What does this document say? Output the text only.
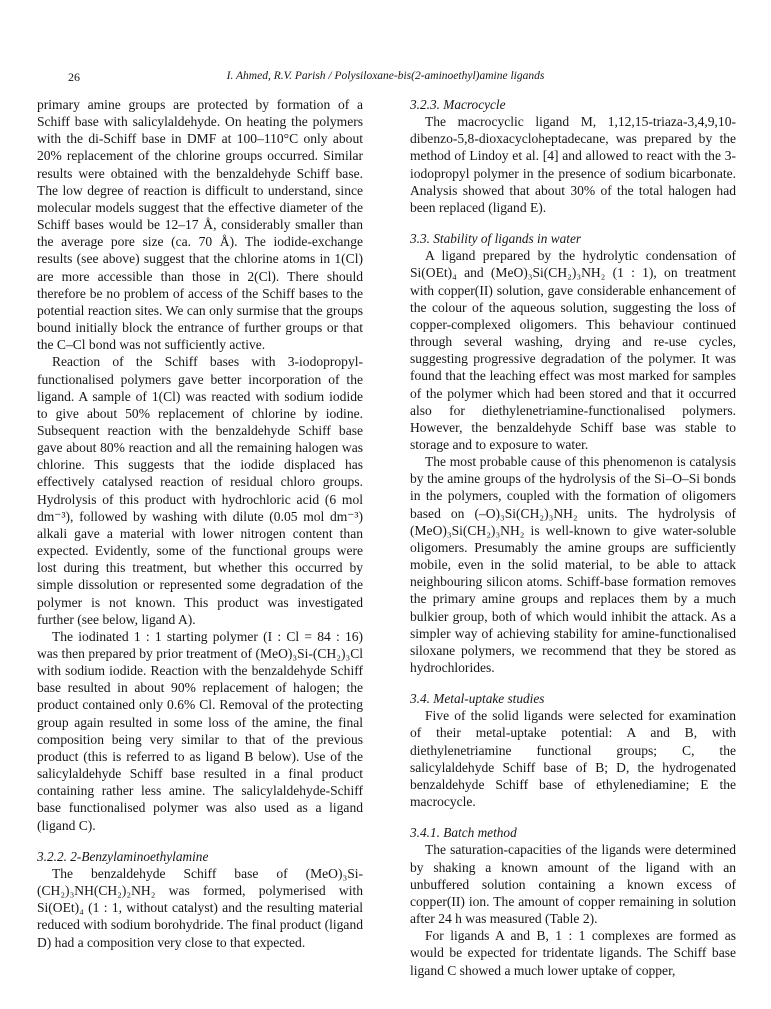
26	I. Ahmed, R.V. Parish / Polysiloxane-bis(2-aminoethyl)amine ligands

primary amine groups are protected by formation of a Schiff base with salicylaldehyde. On heating the polymers with the di-Schiff base in DMF at 100–110°C only about 20% replacement of the chlorine groups occurred. Similar results were obtained with the benzaldehyde Schiff base. The low degree of reaction is difficult to understand, since molecular models suggest that the effective diameter of the Schiff bases would be 12–17 Å, considerably smaller than the average pore size (ca. 70 Å). The iodide-exchange results (see above) suggest that the chlorine atoms in 1(Cl) are more accessible than those in 2(Cl). There should therefore be no problem of access of the Schiff bases to the potential reaction sites. We can only surmise that the groups bound initially block the entrance of further groups or that the C–Cl bond was not sufficiently active.

Reaction of the Schiff bases with 3-iodopropyl-functionalised polymers gave better incorporation of the ligand. A sample of 1(Cl) was reacted with sodium iodide to give about 50% replacement of chlorine by iodine. Subsequent reaction with the benzaldehyde Schiff base gave about 80% reaction and all the remaining halogen was chlorine. This suggests that the iodide displaced has effectively catalysed reaction of residual chloro groups. Hydrolysis of this product with hydrochloric acid (6 mol dm⁻³), followed by washing with dilute (0.05 mol dm⁻³) alkali gave a material with lower nitrogen content than expected. Evidently, some of the functional groups were lost during this treatment, but whether this occurred by simple dissolution or represented some degradation of the polymer is not known. This product was investigated further (see below, ligand A).

The iodinated 1 : 1 starting polymer (I : Cl = 84 : 16) was then prepared by prior treatment of (MeO)₃Si-(CH₂)₃Cl with sodium iodide. Reaction with the benzaldehyde Schiff base resulted in about 90% replacement of halogen; the product contained only 0.6% Cl. Removal of the protecting group again resulted in some loss of the amine, the final composition being very similar to that of the previous product (this is referred to as ligand B below). Use of the salicylaldehyde Schiff base resulted in a final product containing rather less amine. The salicylaldehyde-Schiff base functionalised polymer was also used as a ligand (ligand C).

3.2.2. 2-Benzylaminoethylamine

The benzaldehyde Schiff base of (MeO)₃Si-(CH₂)₃NH(CH₂)₂NH₂ was formed, polymerised with Si(OEt)₄ (1 : 1, without catalyst) and the resulting material reduced with sodium borohydride. The final product (ligand D) had a composition very close to that expected.

3.2.3. Macrocycle

The macrocyclic ligand M, 1,12,15-triaza-3,4,9,10-dibenzo-5,8-dioxacycloheptadecane, was prepared by the method of Lindoy et al. [4] and allowed to react with the 3-iodopropyl polymer in the presence of sodium bicarbonate. Analysis showed that about 30% of the total halogen had been replaced (ligand E).

3.3. Stability of ligands in water

A ligand prepared by the hydrolytic condensation of Si(OEt)₄ and (MeO)₃Si(CH₂)₃NH₂ (1 : 1), on treatment with copper(II) solution, gave considerable enhancement of the colour of the aqueous solution, suggesting the loss of copper-complexed oligomers. This behaviour continued through several washing, drying and re-use cycles, suggesting progressive degradation of the polymer. It was found that the leaching effect was most marked for samples of the polymer which had been stored and that it occurred also for diethylenetriamine-functionalised polymers. However, the benzaldehyde Schiff base was stable to storage and to exposure to water.

The most probable cause of this phenomenon is catalysis by the amine groups of the hydrolysis of the Si–O–Si bonds in the polymers, coupled with the formation of oligomers based on (–O)₃Si(CH₂)₃NH₂ units. The hydrolysis of (MeO)₃Si(CH₂)₃NH₂ is well-known to give water-soluble oligomers. Presumably the amine groups are sufficiently mobile, even in the solid material, to be able to attack neighbouring silicon atoms. Schiff-base formation removes the primary amine groups and replaces them by a much bulkier group, both of which would inhibit the attack. As a simpler way of achieving stability for amine-functionalised siloxane polymers, we recommend that they be stored as hydrochlorides.

3.4. Metal-uptake studies

Five of the solid ligands were selected for examination of their metal-uptake potential: A and B, with diethylenetriamine functional groups; C, the salicylaldehyde Schiff base of B; D, the hydrogenated benzaldehyde Schiff base of ethylenediamine; E the macrocycle.

3.4.1. Batch method

The saturation-capacities of the ligands were determined by shaking a known amount of the ligand with an unbuffered solution containing a known excess of copper(II) ion. The amount of copper remaining in solution after 24 h was measured (Table 2).

For ligands A and B, 1 : 1 complexes are formed as would be expected for tridentate ligands. The Schiff base ligand C showed a much lower uptake of copper,
